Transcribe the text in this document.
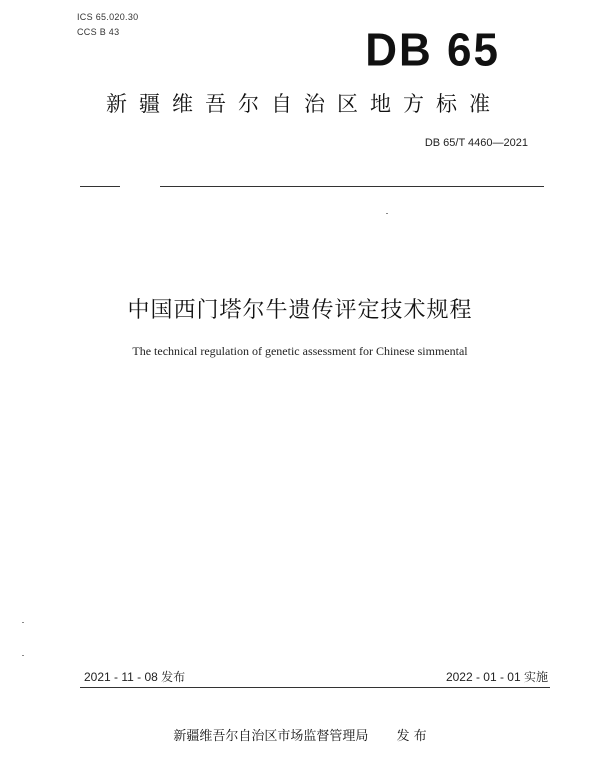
ICS 65.020.30
CCS B 43	DB 65
新疆维吾尔自治区地方标准
DB 65/T 4460—2021
中国西门塔尔牛遗传评定技术规程
The technical regulation of genetic assessment for Chinese simmental
2021 - 11 - 08 发布	2022 - 01 - 01 实施
新疆维吾尔自治区市场监督管理局 发 布
